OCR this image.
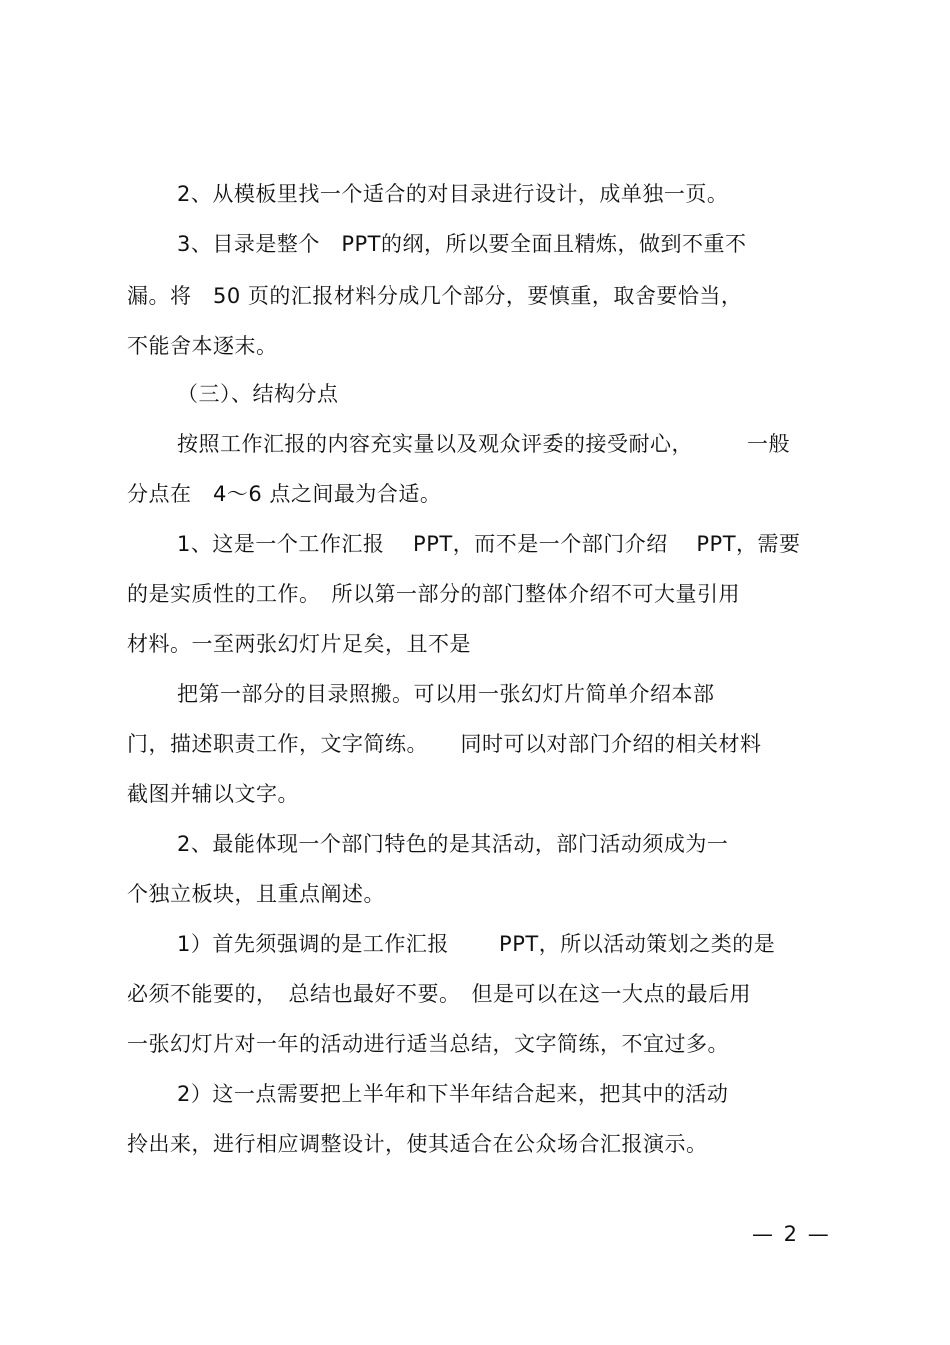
2、从模板里找一个适合的对目录进行设计，成单独一页。
3、目录是整个　PPT的纲，所以要全面且精炼，做到不重不
漏。将　50 页的汇报材料分成几个部分，要慎重，取舍要恰当，
不能舍本逐末。
（三）、结构分点
按照工作汇报的内容充实量以及观众评委的接受耐心，　　　一般
分点在　4～6 点之间最为合适。
1、这是一个工作汇报　 PPT，而不是一个部门介绍　 PPT，需要
的是实质性的工作。　所以第一部分的部门整体介绍不可大量引用
材料。一至两张幻灯片足矣，且不是
把第一部分的目录照搬。可以用一张幻灯片简单介绍本部
门，描述职责工作，文字简练。　　同时可以对部门介绍的相关材料
截图并辅以文字。
2、最能体现一个部门特色的是其活动，部门活动须成为一
个独立板块，且重点阐述。
1）首先须强调的是工作汇报　　 PPT，所以活动策划之类的是
必须不能要的，　总结也最好不要。　但是可以在这一大点的最后用
一张幻灯片对一年的活动进行适当总结，文字简练，不宜过多。
2）这一点需要把上半年和下半年结合起来，把其中的活动
拎出来，进行相应调整设计，使其适合在公众场合汇报演示。
— 2 —
